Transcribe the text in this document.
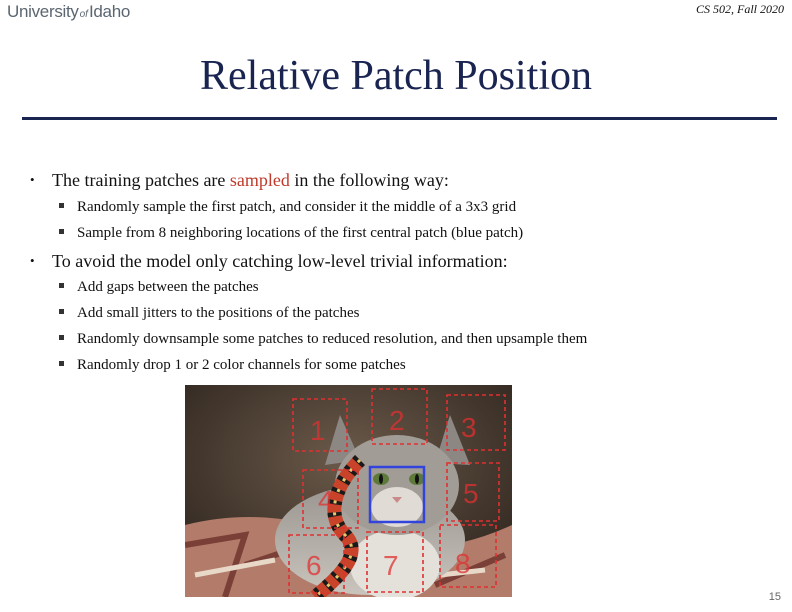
UniversityofIdaho	CS 502, Fall 2020
Relative Patch Position
• The training patches are sampled in the following way:
Randomly sample the first patch, and consider it the middle of a 3x3 grid
Sample from 8 neighboring locations of the first central patch (blue patch)
• To avoid the model only catching low-level trivial information:
Add gaps between the patches
Add small jitters to the positions of the patches
Randomly downsample some patches to reduced resolution, and then upsample them
Randomly drop 1 or 2 color channels for some patches
1 2 3
4	5
6 7 8
15
